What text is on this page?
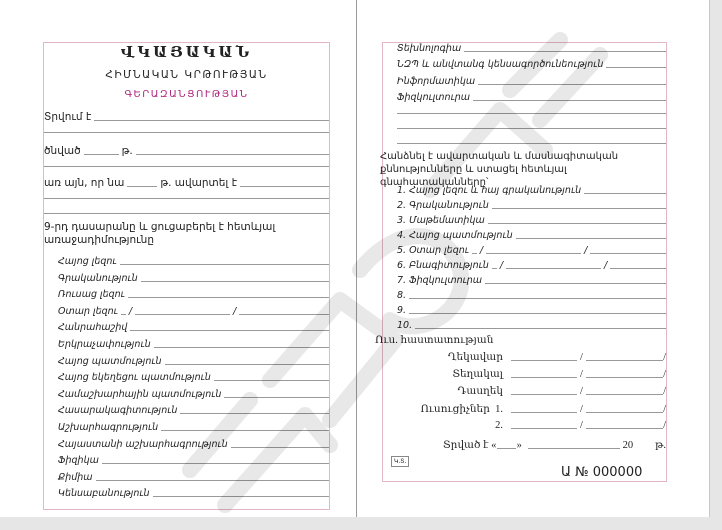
ՎԿԱՅԱԿԱՆ
ՀԻՄՆԱԿԱՆ ԿՐԹՈՒԹՅԱՆ
ԳԵՐԱԶԱՆՑՈՒԹՅԱՆ
Տրվում է
ծնված	թ.
առ այն, որ նա	թ. ավարտել է
9-րդ դասարանը և ցուցաբերել է հետևյալ
առաջադիմությունը
Հայոց լեզու
Գրականություն
Ռուսաց լեզու
Օտար լեզու /	/
Հանրահաշիվ
Երկրաչափություն
Հայոց պատմություն
Հայոց եկեղեցու պատմություն
Համաշխարհային պատմություն
Հասարակագիտություն
Աշխարհագրություն
Հայաստանի աշխարհագրություն
Ֆիզիկա
Քիմիա
Կենսաբանություն
Տեխնոլոգիա
ՆԶՊ և անվտանգ կենսագործունեություն
Ինֆորմատիկա
Ֆիզկուլտուրա
Հանձնել է ավարտական և մասնագիտական
քննությունները և ստացել հետևյալ գնահատականները՝
1. Հայոց լեզու և հայ գրականություն
2. Գրականություն
3. Մաթեմատիկա
4. Հայոց պատմություն
5. Օտար լեզու /	/
6. Բնագիտություն /	/
7. Ֆիզկուլտուրա
8.
9.
10.
Ուս. հաստատության
Ղեկավար	/	/
Տեղակալ	/	/
Դասղեկ	/	/
Ուսուցիչներ  1.	/	/
2.	/	/
Տրված է « »	20 թ.
Կ.Տ.
Ա № 000000
